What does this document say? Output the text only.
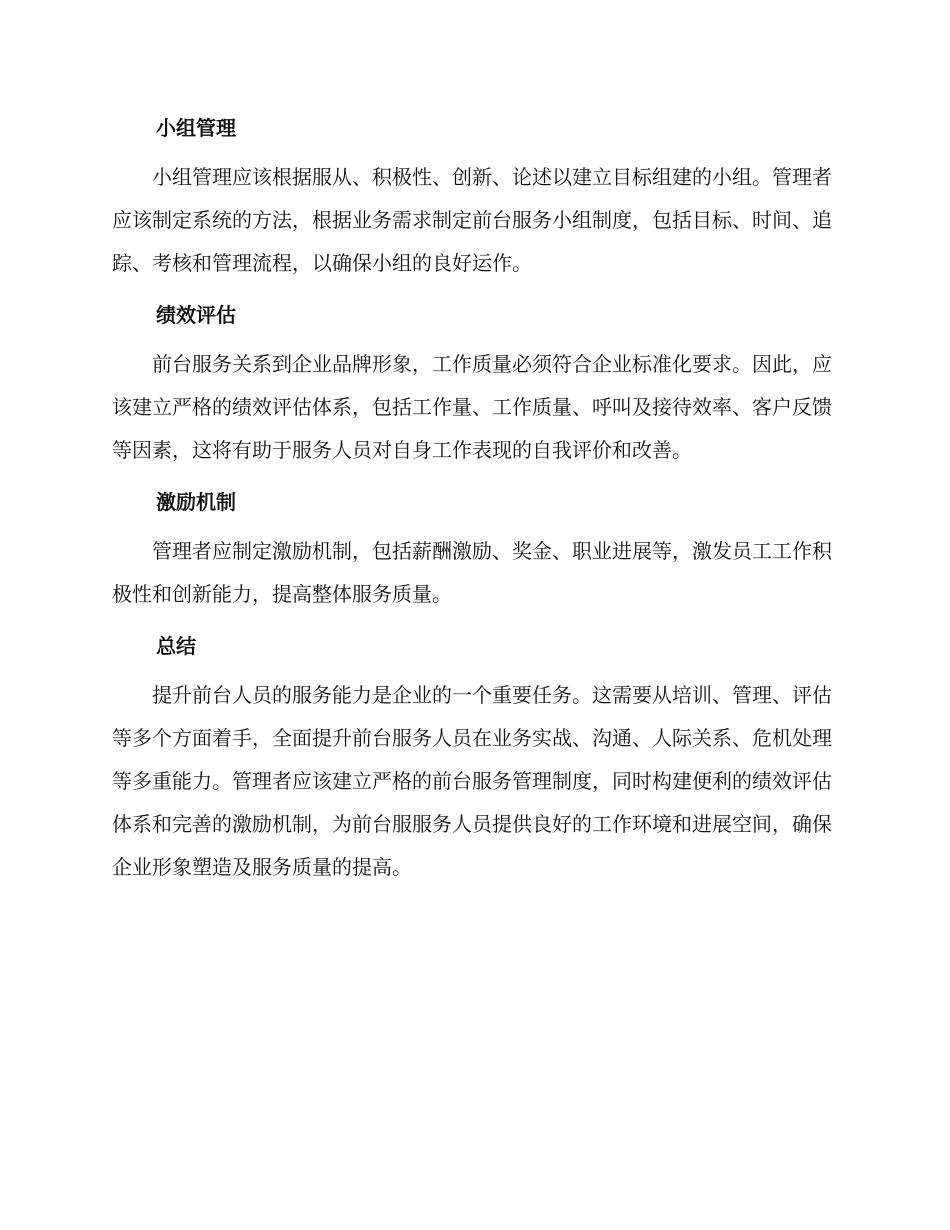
小组管理

小组管理应该根据服从、积极性、创新、论述以建立目标组建的小组。管理者应该制定系统的方法，根据业务需求制定前台服务小组制度，包括目标、时间、追踪、考核和管理流程，以确保小组的良好运作。

绩效评估

前台服务关系到企业品牌形象，工作质量必须符合企业标准化要求。因此，应该建立严格的绩效评估体系，包括工作量、工作质量、呼叫及接待效率、客户反馈等因素，这将有助于服务人员对自身工作表现的自我评价和改善。

激励机制

管理者应制定激励机制，包括薪酬激励、奖金、职业进展等，激发员工工作积极性和创新能力，提高整体服务质量。

总结

提升前台人员的服务能力是企业的一个重要任务。这需要从培训、管理、评估等多个方面着手，全面提升前台服务人员在业务实战、沟通、人际关系、危机处理等多重能力。管理者应该建立严格的前台服务管理制度，同时构建便利的绩效评估体系和完善的激励机制，为前台服服务人员提供良好的工作环境和进展空间，确保企业形象塑造及服务质量的提高。
